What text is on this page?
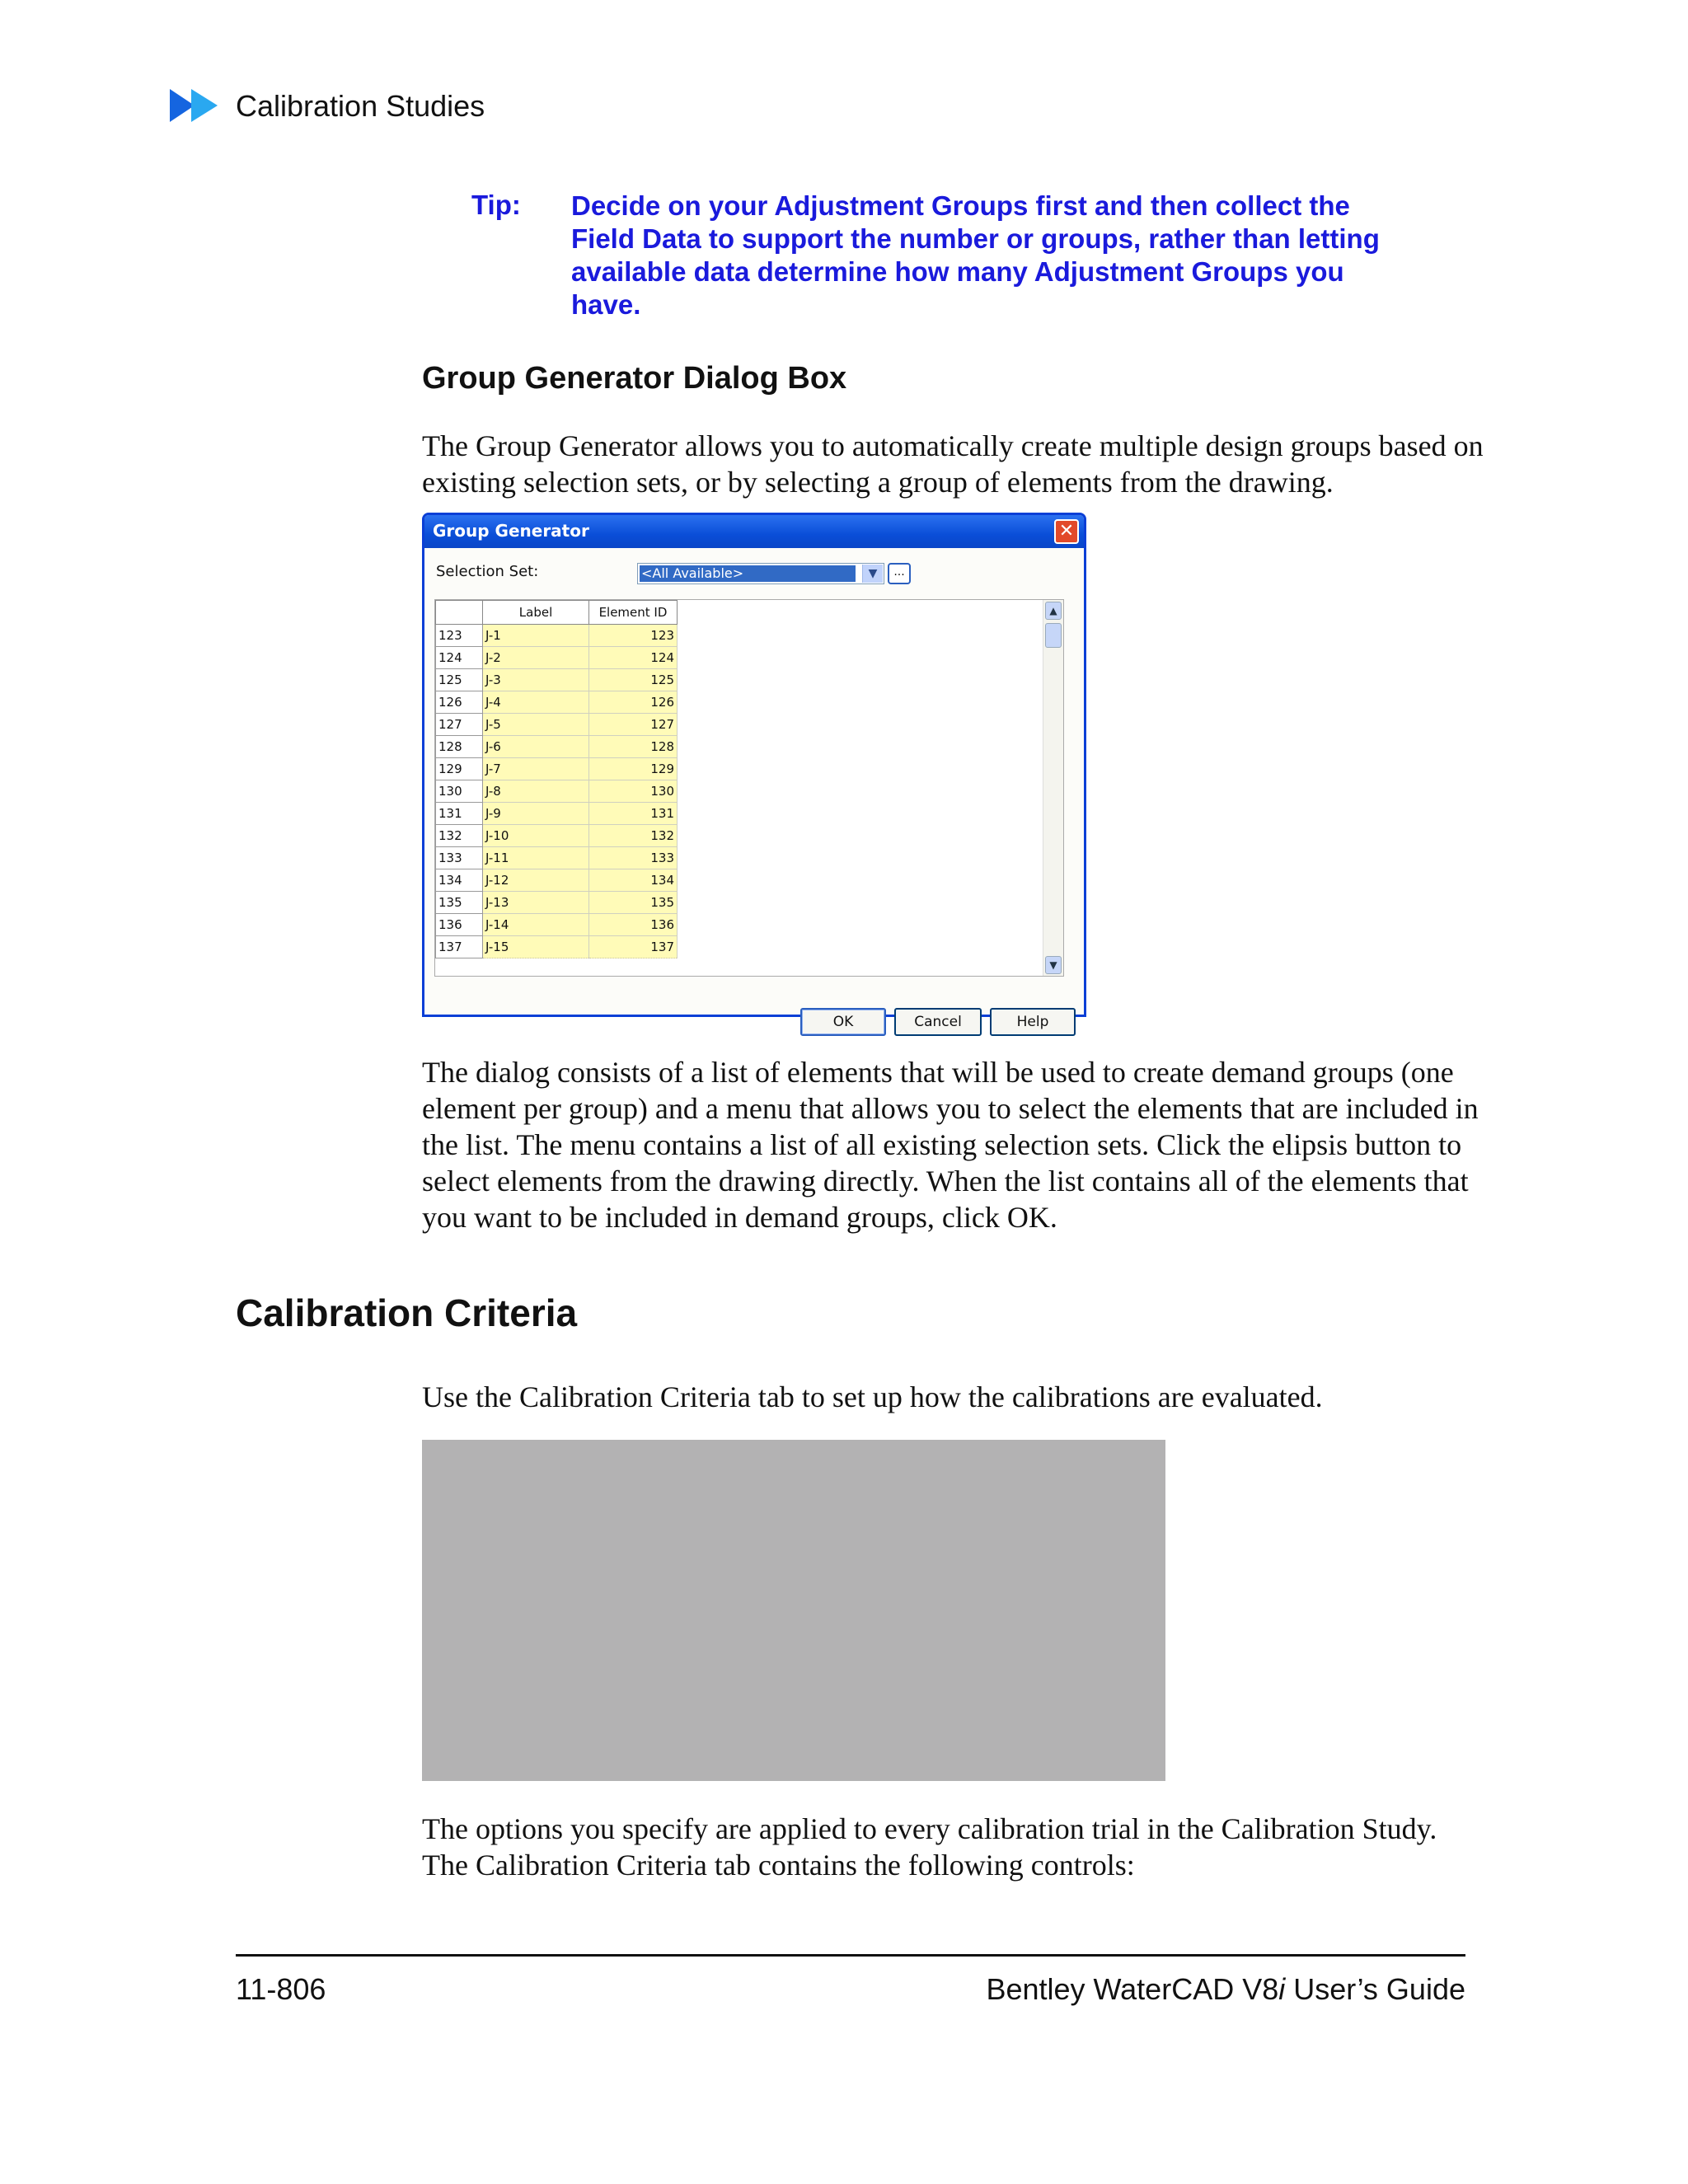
Calibration Studies
Tip: Decide on your Adjustment Groups first and then collect the Field Data to support the number or groups, rather than letting available data determine how many Adjustment Groups you have.
Group Generator Dialog Box
The Group Generator allows you to automatically create multiple design groups based on existing selection sets, or by selecting a group of elements from the drawing.
Group Generator	✕
Selection Set:	<All Available>	▼	...
	Label	Element ID
123	J-1	123
124	J-2	124
125	J-3	125
126	J-4	126
127	J-5	127
128	J-6	128
129	J-7	129
130	J-8	130
131	J-9	131
132	J-10	132
133	J-11	133
134	J-12	134
135	J-13	135
136	J-14	136
137	J-15	137
▲
▼
OK	Cancel	Help
The dialog consists of a list of elements that will be used to create demand groups (one element per group) and a menu that allows you to select the elements that are included in the list. The menu contains a list of all existing selection sets. Click the elipsis button to select elements from the drawing directly. When the list contains all of the elements that you want to be included in demand groups, click OK.
Calibration Criteria
Use the Calibration Criteria tab to set up how the calibrations are evaluated.
The options you specify are applied to every calibration trial in the Calibration Study. The Calibration Criteria tab contains the following controls:
11-806	Bentley WaterCAD V8i User’s Guide
